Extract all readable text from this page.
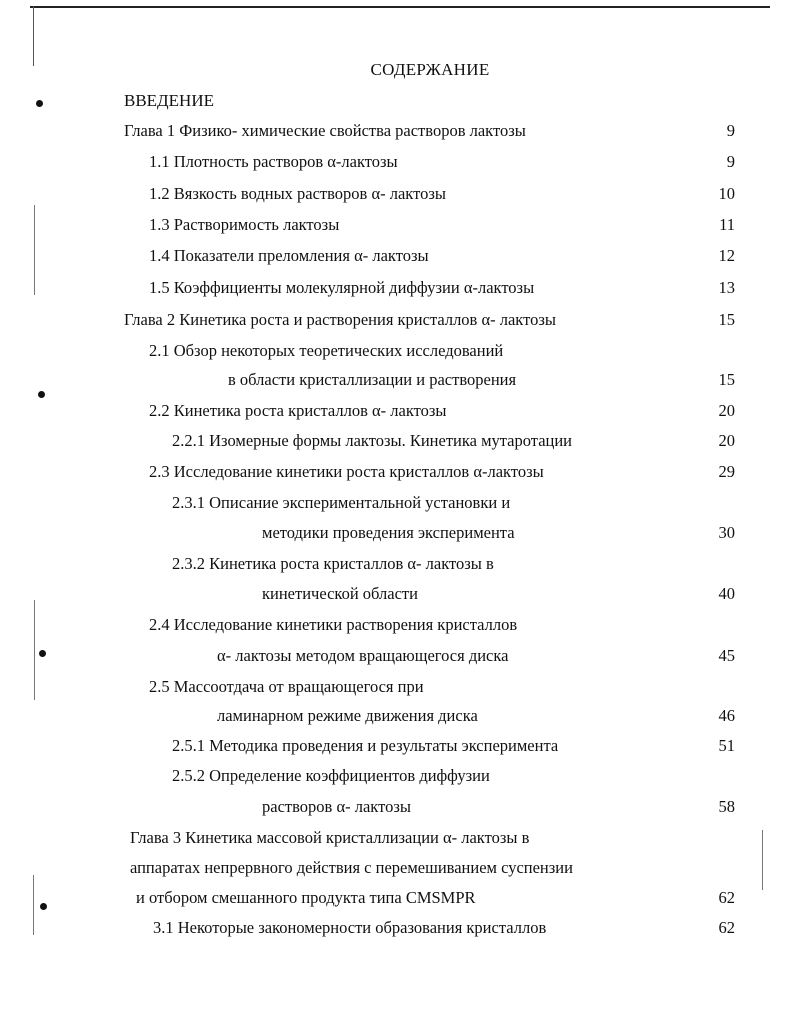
СОДЕРЖАНИЕ
ВВЕДЕНИЕ
Глава 1 Физико- химические свойства растворов лактозы	9
1.1 Плотность растворов α-лактозы	9
1.2 Вязкость водных растворов α- лактозы	10
1.3 Растворимость лактозы	11
1.4 Показатели преломления α- лактозы	12
1.5 Коэффициенты молекулярной диффузии α-лактозы	13
Глава 2 Кинетика роста и растворения кристаллов α- лактозы	15
2.1 Обзор некоторых теоретических исследований
в области кристаллизации и растворения	15
2.2 Кинетика роста кристаллов α- лактозы	20
2.2.1 Изомерные формы лактозы. Кинетика мутаротации	20
2.3 Исследование кинетики роста кристаллов α-лактозы	29
2.3.1 Описание экспериментальной установки и
методики проведения эксперимента	30
2.3.2 Кинетика роста кристаллов α- лактозы в
кинетической области	40
2.4 Исследование кинетики растворения кристаллов
α- лактозы методом вращающегося диска	45
2.5 Массоотдача от вращающегося при
ламинарном режиме движения диска	46
2.5.1 Методика проведения и результаты эксперимента	51
2.5.2 Определение коэффициентов диффузии
растворов α- лактозы	58
Глава 3 Кинетика массовой кристаллизации α- лактозы в
аппаратах непрервного действия с перемешиванием суспензии
и отбором смешанного продукта типа CMSMPR	62
3.1 Некоторые закономерности образования кристаллов	62
